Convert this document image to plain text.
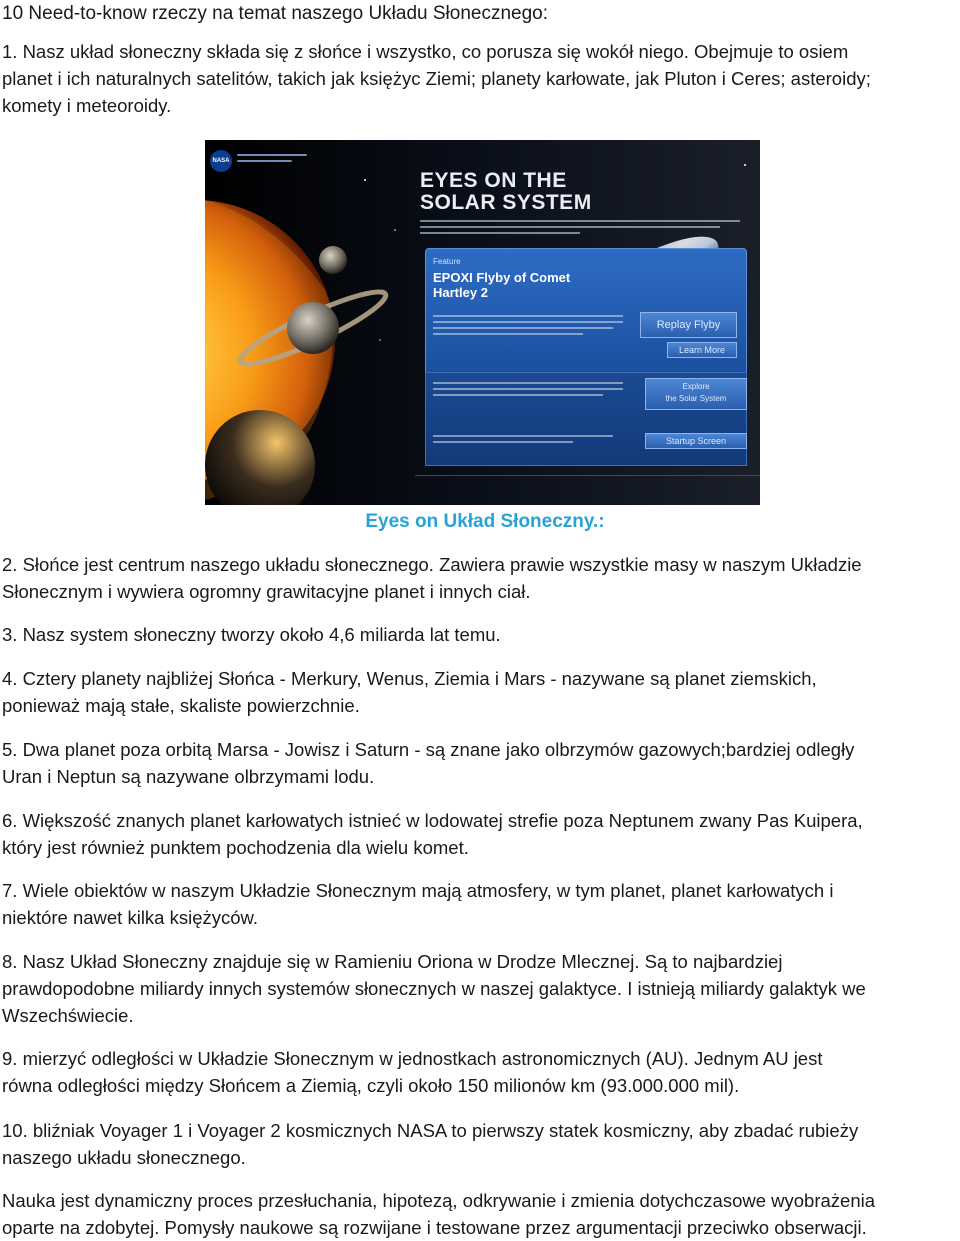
10 Need-to-know rzeczy na temat naszego Układu Słonecznego:
1. Nasz układ słoneczny składa się z słońce i wszystko, co porusza się wokół niego. Obejmuje to osiem
planet i ich naturalnych satelitów, takich jak księżyc Ziemi; planety karłowate, jak Pluton i Ceres; asteroidy;
komety i meteoroidy.
NASA
EYES ON THE
SOLAR SYSTEM
Feature
EPOXI Flyby of Comet
Hartley 2
Replay Flyby
Learn More
Explore
the Solar System
Startup Screen
Eyes on Układ Słoneczny.:
2. Słońce jest centrum naszego układu słonecznego. Zawiera prawie wszystkie masy w naszym Układzie
Słonecznym i wywiera ogromny grawitacyjne planet i innych ciał.
3. Nasz system słoneczny tworzy około 4,6 miliarda lat temu.
4. Cztery planety najbliżej Słońca - Merkury, Wenus, Ziemia i Mars - nazywane są planet ziemskich,
ponieważ mają stałe, skaliste powierzchnie.
5. Dwa planet poza orbitą Marsa - Jowisz i Saturn - są znane jako olbrzymów gazowych;bardziej odległy
Uran i Neptun są nazywane olbrzymami lodu.
6. Większość znanych planet karłowatych istnieć w lodowatej strefie poza Neptunem zwany Pas Kuipera,
który jest również punktem pochodzenia dla wielu komet.
7. Wiele obiektów w naszym Układzie Słonecznym mają atmosfery, w tym planet, planet karłowatych i
niektóre nawet kilka księżyców.
8. Nasz Układ Słoneczny znajduje się w Ramieniu Oriona w Drodze Mlecznej. Są to najbardziej
prawdopodobne miliardy innych systemów słonecznych w naszej galaktyce. I istnieją miliardy galaktyk we
Wszechświecie.
9. mierzyć odległości w Układzie Słonecznym w jednostkach astronomicznych (AU). Jednym AU jest
równa odległości między Słońcem a Ziemią, czyli około 150 milionów km (93.000.000 mil).
10. bliźniak Voyager 1 i Voyager 2 kosmicznych NASA to pierwszy statek kosmiczny, aby zbadać rubieży
naszego układu słonecznego.
Nauka jest dynamiczny proces przesłuchania, hipotezą, odkrywanie i zmienia dotychczasowe wyobrażenia
oparte na zdobytej. Pomysły naukowe są rozwijane i testowane przez argumentacji przeciwko obserwacji.
